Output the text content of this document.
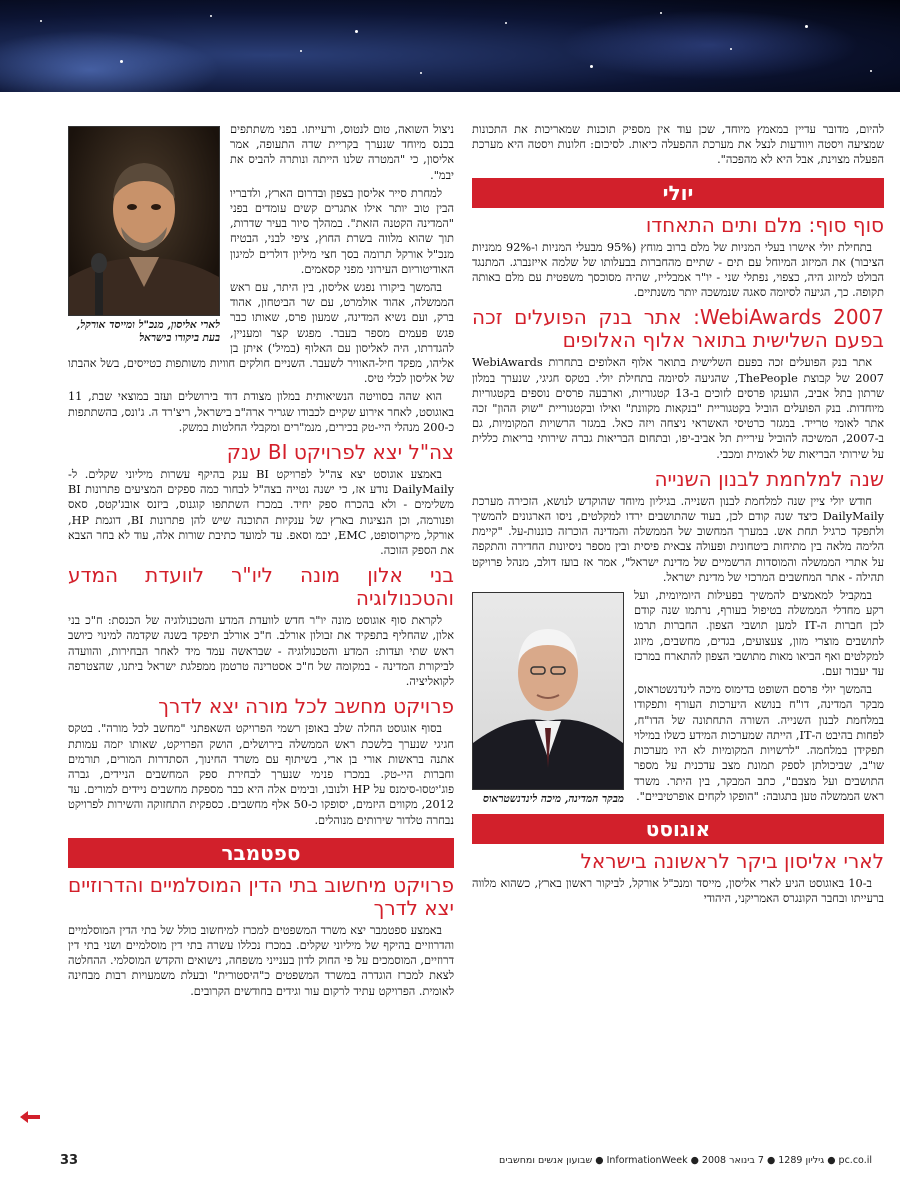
להיום, מדובר עדיין במאמץ מיוחד, שכן עוד אין מספיק תוכנות שמאריכות את התכונות שמציעה ויסטה ויוודעות לנצל את מערכת ההפעלה כיאות. לסיכום: חלונות ויסטה היא מערכת הפעלה מצוינת, אבל היא לא מהפכה".

יולי
סוף סוף: מלם ותים התאחדו

בתחילת יולי אישרו בעלי המניות של מלם ברוב מוחץ (95% מבעלי המניות ו-92% ממניות הציבור) את המיזוג המיוחל עם תים - שתיים מהחברות בבעלותו של שלמה אייזנברג. המתנגד הבולט למיזוג היה, כצפוי, נפתלי שני - יו"ר אמבלייז, שהיה מסוכסך משפטית עם מלם באותה תקופה. כך, הגיעה לסיומה סאגה שנמשכה יותר משנתיים.

WebiAwards 2007: אתר בנק הפועלים זכה בפעם השלישית בתואר אלוף האלופים

אתר בנק הפועלים זכה בפעם השלישית בתואר אלוף האלופים בתחרות WebiAwards 2007 של קבוצת ThePeople, שהגיעה לסיומה בתחילת יולי. בטקס חגיגי, שנערך במלון שרתון בתל אביב, הוענקו פרסים לזוכים ב-13 קטגוריות, וארבעה פרסים נוספים בקטגוריות מיוחדות. בנק הפועלים הוביל בקטגוריית "בנקאות מקוונת" ואילו ובקטגוריית "שוק ההון" זכה אתר לאומי טרייד. במגזר כרטיסי האשראי ניצחה ויזה כאל. במגזר הרשויות המקומיות, גם ב-2007, המשיכה להוביל עיריית תל אביב-יפו, ובתחום הבריאות גברה שירותי בריאות כללית על שירותי הבריאות של לאומית ומכבי.

שנה למלחמת לבנון השנייה

חודש יולי ציין שנה למלחמת לבנון השנייה. בגיליון מיוחד שהוקדש לנושא, הזכירה מערכת DailyMaily כיצד שנה קודם לכן, בעוד שהתושבים ירדו למקלטים, ניסו הארגונים להמשיך ולתפקד כרגיל תחת אש. במערך המחשוב של הממשלה והמדינה הוכרזה כוננות-על. "קיימת הלימה מלאה בין מתיחות ביטחונית ופעולה צבאית פיסית ובין מספר ניסיונות החדירה והתקפה על אתרי הממשלה והמוסדות הרשמיים של מדינת ישראל", אמר אז בועז דולב, מנהל פרויקט תהילה - אתר המחשבים המרכזי של מדינת ישראל.

מבקר המדינה, מיכה לינדנשטראוס

במקביל למאמצים להמשיך בפעילות היומיומית, ועל רקע מחדלי הממשלה בטיפול בעורף, נרתמו שנה קודם לכן חברות ה-IT למען תושבי הצפון. החברות תרמו לתושבים מוצרי מזון, צעצועים, בגדים, מחשבים, מיזוג למקלטים ואף הביאו מאות מתושבי הצפון להתארח במרכז עד יעבור זעם.

בהמשך יולי פרסם השופט בדימוס מיכה לינדנשטראוס, מבקר המדינה, דו"ח בנושא היערכות העורף ותפקודו במלחמת לבנון השנייה. השורה התחתונה של הדו"ח, לפחות בהיבט ה-IT, הייתה שמערכות המידע כשלו במילוי תפקידן במלחמה. "לרשויות המקומיות לא היו מערכות שו"ב, שביכולתן לספק תמונת מצב עדכנית על מספר התושבים ועל מצבם", כתב המבקר, בין היתר. משרד ראש הממשלה טען בתגובה: "הופקו לקחים אופרטיביים".

אוגוסט
לארי אליסון ביקר לראשונה בישראל

ב-10 באוגוסט הגיע לארי אליסון, מייסד ומנכ"ל אורקל, לביקור ראשון בארץ, כשהוא מלווה ברעייתו ובחבר הקונגרס האמריקני, היהודי

לארי אליסון, מנכ"ל ומייסד אורקל, בעת ביקורו בישראל

ניצול השואה, טום לנטוס, ורעייתו. בפני משתתפים בכנס מיוחד שנערך בקריית שדה התעופה, אמר אליסון, כי "המטרה שלנו הייתה ונותרה להביס את יבמ".

למחרת סייר אליסון בצפון ובדרום הארץ, ולדבריו הבין טוב יותר אילו אתגרים קשים עומדים בפני "המדינה הקטנה הזאת". במהלך סיור בעיר שדרות, תוך שהוא מלווה בשרת החוץ, ציפי לבני, הבטיח מנכ"ל אורקל תרומה בסך חצי מיליון דולרים למיגון האודיטוריום העירוני מפני קסאמים.

בהמשך ביקורו נפגש אליסון, בין היתר, עם ראש הממשלה, אהוד אולמרט, עם שר הביטחון, אהוד ברק, ועם נשיא המדינה, שמעון פרס, שאותו כבר פגש פעמים מספר בעבר. מפגש קצר ומעניין, להגדרתו, היה לאליסון עם האלוף (במיל') איתן בן אליהו, מפקד חיל-האוויר לשעבר. השניים חולקים חוויות משותפות כטייסים, בשל אהבתו של אליסון לכלי טיס.

הוא שהה בסוויטה הנשיאותית במלון מצודת דוד בירושלים ועזב במוצאי שבת, 11 באוגוסט, לאחר אירוע שקיים לכבודו שגריר ארה"ב בישראל, ריצ'רד ה. ג'ונס, בהשתתפות כ-200 מנהלי היי-טק בכירים, מנמ"רים ומקבלי החלטות במשק.

צה"ל יצא לפרויקט BI ענק

באמצע אוגוסט יצא צה"ל לפרויקט BI ענק בהיקף עשרות מיליוני שקלים. ל-DailyMaily נודע אז, כי ישנה נטייה בצה"ל לבחור כמה ספקים המציעים פתרונות BI משלימים - ולא בהכרח ספק יחיד. במכרז השתתפו קוגנוס, ביזנס אובג'קטס, סאס ופנורמה, וכן הנציגות בארץ של ענקיות התוכנה שיש להן פתרונות BI, דוגמת HP, אורקל, מיקרוסופט, EMC, יבמ וסאפ. עד למועד כתיבת שורות אלה, עוד לא בחר הצבא את הספק הזוכה.

בני אלון מונה ליו"ר לוועדת המדע והטכנולוגיה

לקראת סוף אוגוסט מונה יו"ר חדש לוועדת המדע והטכנולוגיה של הכנסת: ח"כ בני אלון, שהחליף בתפקיד את זבולון אורלב. ח"כ אורלב תיפקד בשנה שקדמה למינוי כיושב ראש שתי ועדות: המדע והטכנולוגיה - שבראשה עמד מיד לאחר הבחירות, והוועדה לביקורת המדינה - במקומה של ח"כ אסטרינה טרטמן ממפלגת ישראל ביתנו, שהצטרפה לקואליציה.

פרויקט מחשב לכל מורה יצא לדרך

בסוף אוגוסט החלה שלב באופן רשמי הפרויקט השאפתני "מחשב לכל מורה". בטקס חגיגי שנערך בלשכת ראש הממשלה בירושלים, הושק הפרויקט, שאותו יזמה עמותת אתנה בראשות אורי בן ארי, בשיתוף עם משרד החינוך, הסתדרות המורים, תורמים וחברות היי-טק. במכרז פנימי שנערך לבחירת ספק המחשבים הניידים, גברה פוג'יטסו-סימנס על HP ולנובו, ובימים אלה היא כבר מספקת מחשבים ניידים למורים. עד 2012, מקווים היזמים, יסופקו כ-50 אלף מחשבים. כספקית התחזוקה והשירות לפרויקט נבחרה טלדור שירותים מנוהלים.

ספטמבר
פרויקט מיחשוב בתי הדין המוסלמיים והדרוזיים יצא לדרך

באמצע ספטמבר יצא משרד המשפטים למכרז למיחשוב כולל של בתי הדין המוסלמיים והדרוזיים בהיקף של מיליוני שקלים. במכרז נכללו עשרה בתי דין מוסלמיים ושני בתי דין דרוזיים, המוסמכים על פי החוק לדון בענייני משפחה, נישואים והקדש המוסלמי. ההחלטה לצאת למכרז הוגדרה במשרד המשפטים כ"היסטורית" ובעלת משמעויות רבות מבחינה לאומית. הפרויקט עתיד לרקום עור וגידים בחודשים הקרובים.

33	שבועון אנשים ומחשבים ● InformationWeek ● גיליון 1289 ● 7 בינואר 2008 ● pc.co.il
